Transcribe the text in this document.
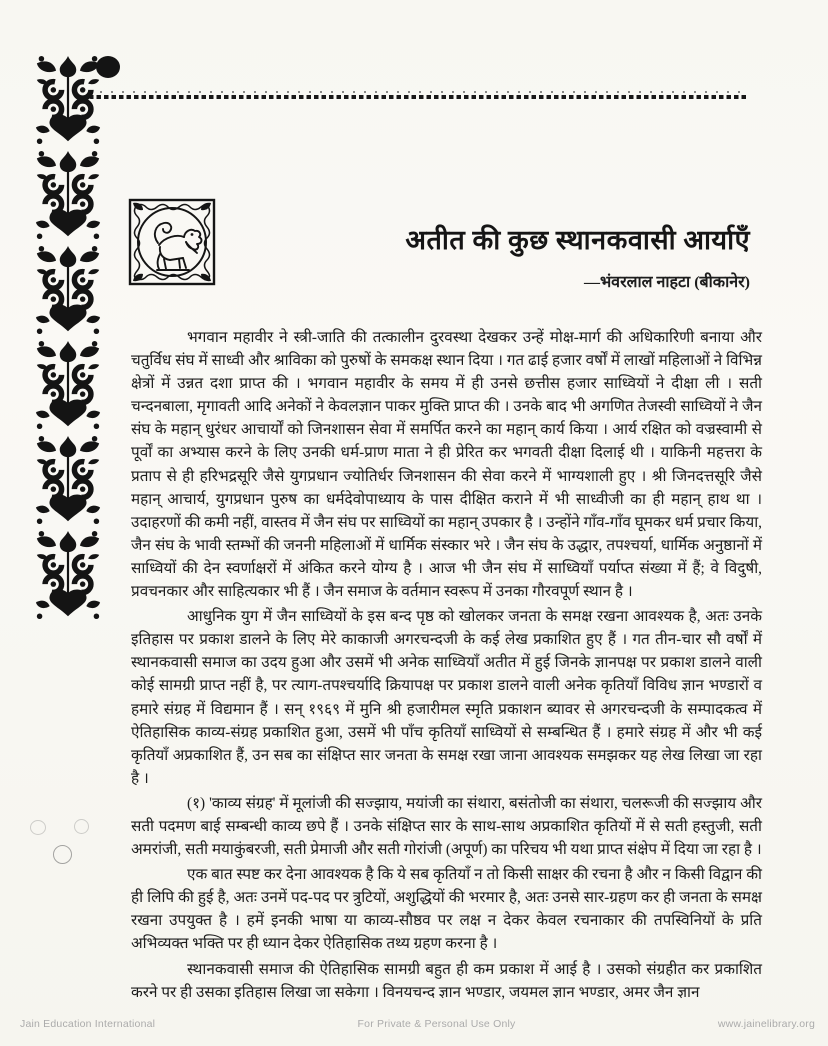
अतीत की कुछ स्थानकवासी आर्याएँ
—भंवरलाल नाहटा (बीकानेर)

भगवान महावीर ने स्त्री-जाति की तत्कालीन दुरवस्था देखकर उन्हें मोक्ष-मार्ग की अधिकारिणी बनाया और चतुर्विध संघ में साध्वी और श्राविका को पुरुषों के समकक्ष स्थान दिया । गत ढाई हजार वर्षों में लाखों महिलाओं ने विभिन्न क्षेत्रों में उन्नत दशा प्राप्त की । भगवान महावीर के समय में ही उनसे छत्तीस हजार साध्वियों ने दीक्षा ली । सती चन्दनबाला, मृगावती आदि अनेकों ने केवलज्ञान पाकर मुक्ति प्राप्त की । उनके बाद भी अगणित तेजस्वी साध्वियों ने जैन संघ के महान् धुरंधर आचार्यों को जिनशासन सेवा में समर्पित करने का महान् कार्य किया । आर्य रक्षित को वज्रस्वामी से पूर्वों का अभ्यास करने के लिए उनकी धर्म-प्राण माता ने ही प्रेरित कर भगवती दीक्षा दिलाई थी । याकिनी महत्तरा के प्रताप से ही हरिभद्रसूरि जैसे युगप्रधान ज्योतिर्धर जिनशासन की सेवा करने में भाग्यशाली हुए । श्री जिनदत्तसूरि जैसे महान् आचार्य, युगप्रधान पुरुष का धर्मदेवोपाध्याय के पास दीक्षित कराने में भी साध्वीजी का ही महान् हाथ था । उदाहरणों की कमी नहीं, वास्तव में जैन संघ पर साध्वियों का महान् उपकार है । उन्होंने गाँव-गाँव घूमकर धर्म प्रचार किया, जैन संघ के भावी स्तम्भों की जननी महिलाओं में धार्मिक संस्कार भरे । जैन संघ के उद्धार, तपश्चर्या, धार्मिक अनुष्ठानों में साध्वियों की देन स्वर्णाक्षरों में अंकित करने योग्य है । आज भी जैन संघ में साध्वियाँ पर्याप्त संख्या में हैं; वे विदुषी, प्रवचनकार और साहित्यकार भी हैं । जैन समाज के वर्तमान स्वरूप में उनका गौरवपूर्ण स्थान है ।

आधुनिक युग में जैन साध्वियों के इस बन्द पृष्ठ को खोलकर जनता के समक्ष रखना आवश्यक है, अतः उनके इतिहास पर प्रकाश डालने के लिए मेरे काकाजी अगरचन्दजी के कई लेख प्रकाशित हुए हैं । गत तीन-चार सौ वर्षों में स्थानकवासी समाज का उदय हुआ और उसमें भी अनेक साध्वियाँ अतीत में हुई जिनके ज्ञानपक्ष पर प्रकाश डालने वाली कोई सामग्री प्राप्त नहीं है, पर त्याग-तपश्चर्यादि क्रियापक्ष पर प्रकाश डालने वाली अनेक कृतियाँ विविध ज्ञान भण्डारों व हमारे संग्रह में विद्यमान हैं । सन् १९६९ में मुनि श्री हजारीमल स्मृति प्रकाशन ब्यावर से अगरचन्दजी के सम्पादकत्व में ऐतिहासिक काव्य-संग्रह प्रकाशित हुआ, उसमें भी पाँच कृतियाँ साध्वियों से सम्बन्धित हैं । हमारे संग्रह में और भी कई कृतियाँ अप्रकाशित हैं, उन सब का संक्षिप्त सार जनता के समक्ष रखा जाना आवश्यक समझकर यह लेख लिखा जा रहा है ।

(१) 'काव्य संग्रह' में मूलांजी की सज्झाय, मयांजी का संथारा, बसंतोजी का संथारा, चलरूजी की सज्झाय और सती पदमण बाई सम्बन्धी काव्य छपे हैं । उनके संक्षिप्त सार के साथ-साथ अप्रकाशित कृतियों में से सती हस्तुजी, सती अमरांजी, सती मयाकुंबरजी, सती प्रेमाजी और सती गोरांजी (अपूर्ण) का परिचय भी यथा प्राप्त संक्षेप में दिया जा रहा है ।

एक बात स्पष्ट कर देना आवश्यक है कि ये सब कृतियाँ न तो किसी साक्षर की रचना है और न किसी विद्वान की ही लिपि की हुई है, अतः उनमें पद-पद पर त्रुटियों, अशुद्धियों की भरमार है, अतः उनसे सार-ग्रहण कर ही जनता के समक्ष रखना उपयुक्त है । हमें इनकी भाषा या काव्य-सौष्ठव पर लक्ष न देकर केवल रचनाकार की तपस्विनियों के प्रति अभिव्यक्त भक्ति पर ही ध्यान देकर ऐतिहासिक तथ्य ग्रहण करना है ।

स्थानकवासी समाज की ऐतिहासिक सामग्री बहुत ही कम प्रकाश में आई है । उसको संग्रहीत कर प्रकाशित करने पर ही उसका इतिहास लिखा जा सकेगा । विनयचन्द ज्ञान भण्डार, जयमल ज्ञान भण्डार, अमर जैन ज्ञान

Jain Education International	For Private & Personal Use Only	www.jainelibrary.org
